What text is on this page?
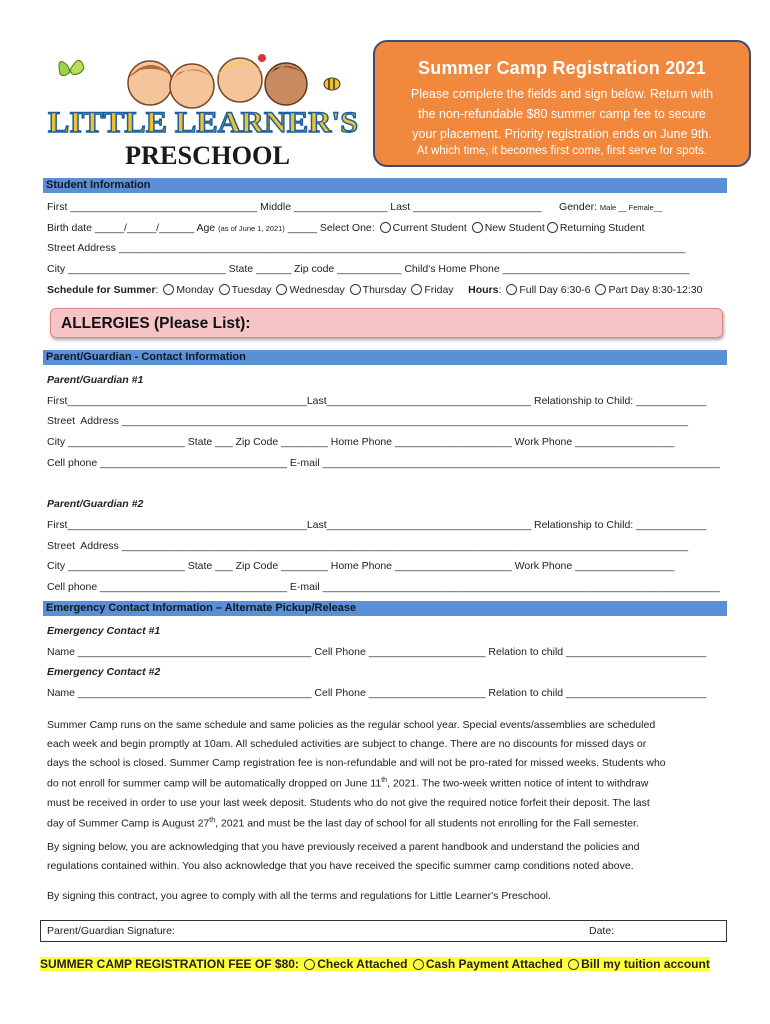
LITTLE LEARNER'S
PRESCHOOL
Summer Camp Registration 2021
Please complete the fields and sign below. Return with
the non-refundable $80 summer camp fee to secure
your placement. Priority registration ends on June 9th.
At which time, it becomes first come, first serve for spots.
Student Information
First ________________________________ Middle ________________ Last ______________________      Gender: Male __ Female__
Birth date _____/_____/______ Age (as of June 1, 2021) _____ Select One: Current Student New Student Returning Student
Street Address _________________________________________________________________________________________________
City ___________________________ State ______ Zip code ___________ Child's Home Phone ________________________________
Schedule for Summer: Monday Tuesday Wednesday Thursday Friday Hours: Full Day 6:30-6 Part Day 8:30-12:30
ALLERGIES (Please List):
Parent/Guardian - Contact Information
Parent/Guardian #1
First_________________________________________Last___________________________________ Relationship to Child: ____________
Street  Address _________________________________________________________________________________________________
City ____________________ State ___ Zip Code ________ Home Phone ____________________ Work Phone _________________
Cell phone ________________________________ E-mail ____________________________________________________________________
Parent/Guardian #2
First_________________________________________Last___________________________________ Relationship to Child: ____________
Street  Address _________________________________________________________________________________________________
City ____________________ State ___ Zip Code ________ Home Phone ____________________ Work Phone _________________
Cell phone ________________________________ E-mail ____________________________________________________________________
Emergency Contact Information – Alternate Pickup/Release
Emergency Contact #1
Name ________________________________________ Cell Phone ____________________ Relation to child ________________________
Emergency Contact #2
Name ________________________________________ Cell Phone ____________________ Relation to child ________________________
Summer Camp runs on the same schedule and same policies as the regular school year. Special events/assemblies are scheduled
each week and begin promptly at 10am. All scheduled activities are subject to change. There are no discounts for missed days or
days the school is closed. Summer Camp registration fee is non-refundable and will not be pro-rated for missed weeks. Students who
do not enroll for summer camp will be automatically dropped on June 11th, 2021. The two-week written notice of intent to withdraw
must be received in order to use your last week deposit. Students who do not give the required notice forfeit their deposit. The last
day of Summer Camp is August 27th, 2021 and must be the last day of school for all students not enrolling for the Fall semester.
By signing below, you are acknowledging that you have previously received a parent handbook and understand the policies and
regulations contained within. You also acknowledge that you have received the specific summer camp conditions noted above.
By signing this contract, you agree to comply with all the terms and regulations for Little Learner's Preschool.
Parent/Guardian Signature:	Date:
SUMMER CAMP REGISTRATION FEE OF $80: Check Attached Cash Payment Attached Bill my tuition account
